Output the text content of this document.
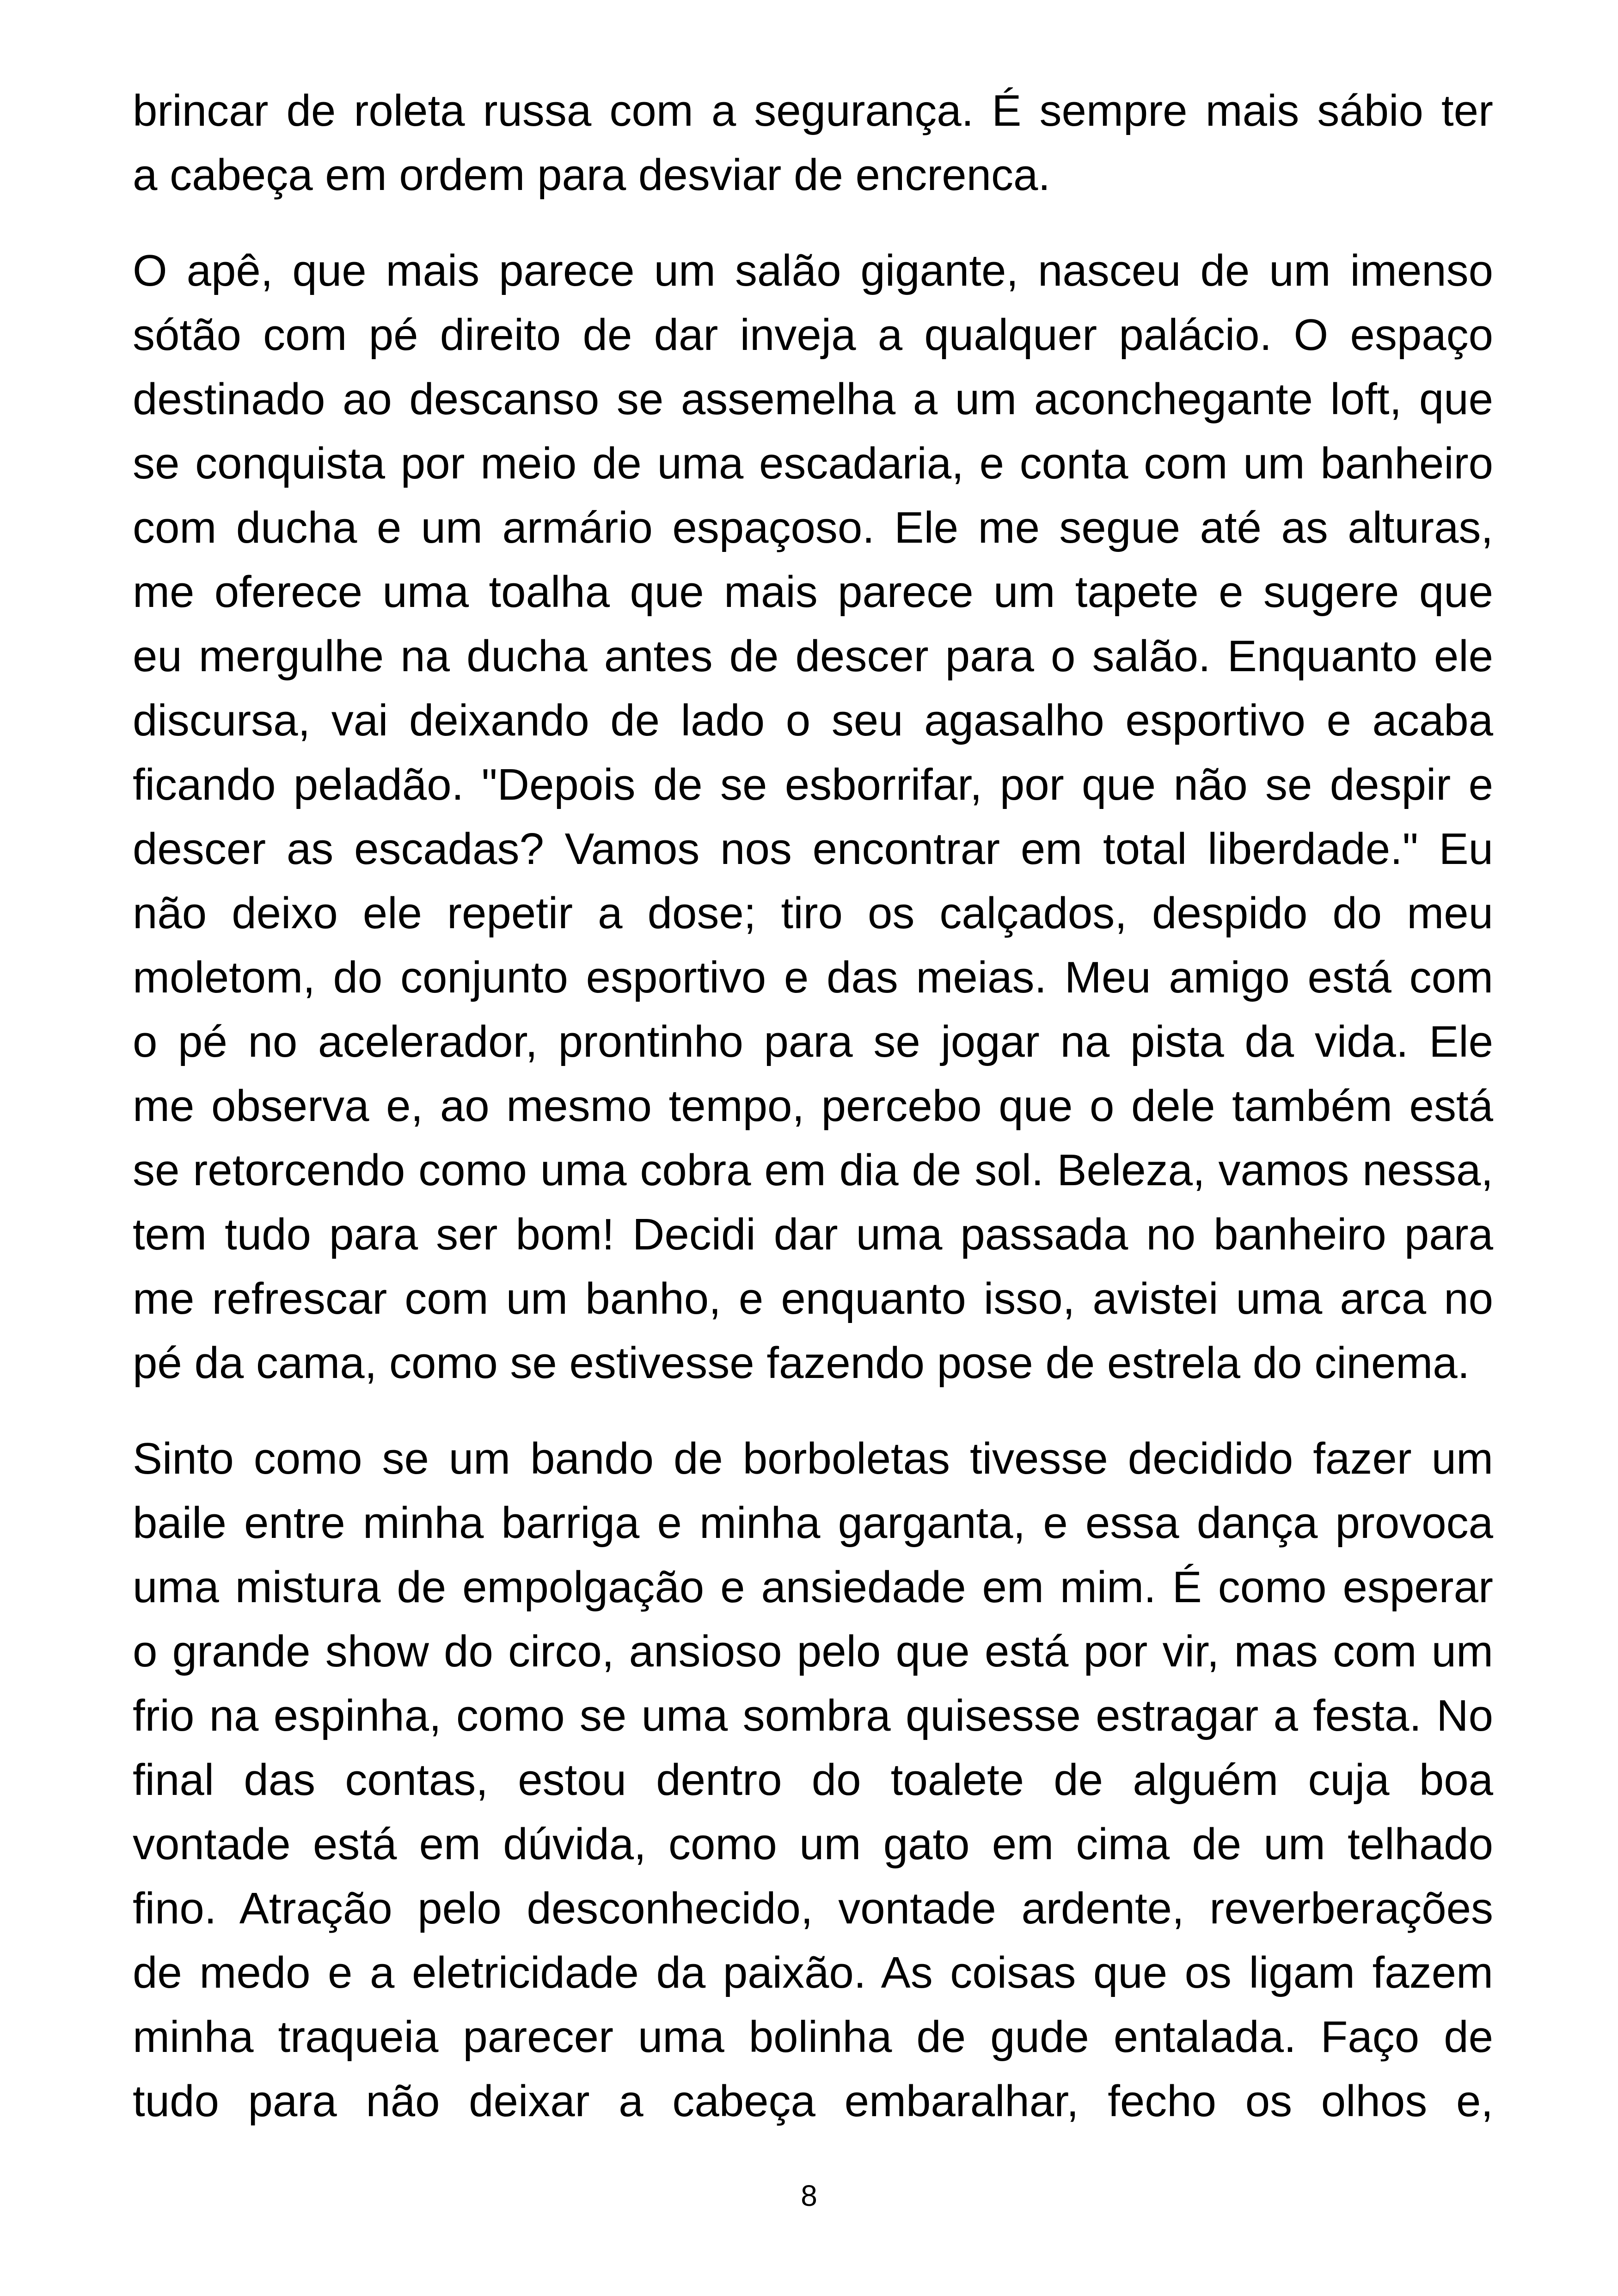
brincar de roleta russa com a segurança. É sempre mais sábio ter
a cabeça em ordem para desviar de encrenca.
O apê, que mais parece um salão gigante, nasceu de um imenso
sótão com pé direito de dar inveja a qualquer palácio. O espaço
destinado ao descanso se assemelha a um aconchegante loft, que
se conquista por meio de uma escadaria, e conta com um banheiro
com ducha e um armário espaçoso. Ele me segue até as alturas,
me oferece uma toalha que mais parece um tapete e sugere que
eu mergulhe na ducha antes de descer para o salão. Enquanto ele
discursa, vai deixando de lado o seu agasalho esportivo e acaba
ficando peladão. "Depois de se esborrifar, por que não se despir e
descer as escadas? Vamos nos encontrar em total liberdade." Eu
não deixo ele repetir a dose; tiro os calçados, despido do meu
moletom, do conjunto esportivo e das meias. Meu amigo está com
o pé no acelerador, prontinho para se jogar na pista da vida. Ele
me observa e, ao mesmo tempo, percebo que o dele também está
se retorcendo como uma cobra em dia de sol. Beleza, vamos nessa,
tem tudo para ser bom! Decidi dar uma passada no banheiro para
me refrescar com um banho, e enquanto isso, avistei uma arca no
pé da cama, como se estivesse fazendo pose de estrela do cinema.
Sinto como se um bando de borboletas tivesse decidido fazer um
baile entre minha barriga e minha garganta, e essa dança provoca
uma mistura de empolgação e ansiedade em mim. É como esperar
o grande show do circo, ansioso pelo que está por vir, mas com um
frio na espinha, como se uma sombra quisesse estragar a festa. No
final das contas, estou dentro do toalete de alguém cuja boa
vontade está em dúvida, como um gato em cima de um telhado
fino. Atração pelo desconhecido, vontade ardente, reverberações
de medo e a eletricidade da paixão. As coisas que os ligam fazem
minha traqueia parecer uma bolinha de gude entalada. Faço de
tudo para não deixar a cabeça embaralhar, fecho os olhos e,
8
